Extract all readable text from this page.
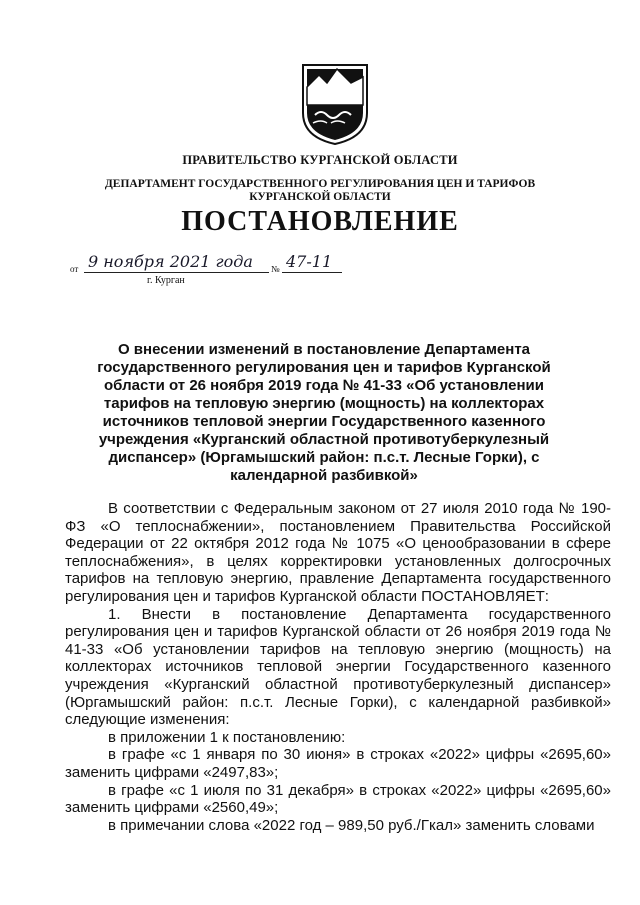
ПРАВИТЕЛЬСТВО КУРГАНСКОЙ ОБЛАСТИ
ДЕПАРТАМЕНТ ГОСУДАРСТВЕННОГО РЕГУЛИРОВАНИЯ ЦЕН И ТАРИФОВ КУРГАНСКОЙ ОБЛАСТИ
ПОСТАНОВЛЕНИЕ
от 9 ноября 2021 года № 47-11
г. Курган
О внесении изменений в постановление Департамента государственного регулирования цен и тарифов Курганской области от 26 ноября 2019 года № 41-33 «Об установлении тарифов на тепловую энергию (мощность) на коллекторах источников тепловой энергии Государственного казенного учреждения «Курганский областной противотуберкулезный диспансер» (Юргамышский район: п.с.т. Лесные Горки), с календарной разбивкой»

В соответствии с Федеральным законом от 27 июля 2010 года № 190-ФЗ «О теплоснабжении», постановлением Правительства Российской Федерации от 22 октября 2012 года № 1075 «О ценообразовании в сфере теплоснабжения», в целях корректировки установленных долгосрочных тарифов на тепловую энергию, правление Департамента государственного регулирования цен и тарифов Курганской области ПОСТАНОВЛЯЕТ:

1. Внести в постановление Департамента государственного регулирования цен и тарифов Курганской области от 26 ноября 2019 года № 41-33 «Об установлении тарифов на тепловую энергию (мощность) на коллекторах источников тепловой энергии Государственного казенного учреждения «Курганский областной противотуберкулезный диспансер» (Юргамышский район: п.с.т. Лесные Горки), с календарной разбивкой» следующие изменения:

в приложении 1 к постановлению:

в графе «с 1 января по 30 июня» в строках «2022» цифры «2695,60» заменить цифрами «2497,83»;

в графе «с 1 июля по 31 декабря» в строках «2022» цифры «2695,60» заменить цифрами «2560,49»;

в примечании слова «2022 год – 989,50 руб./Гкал» заменить словами
